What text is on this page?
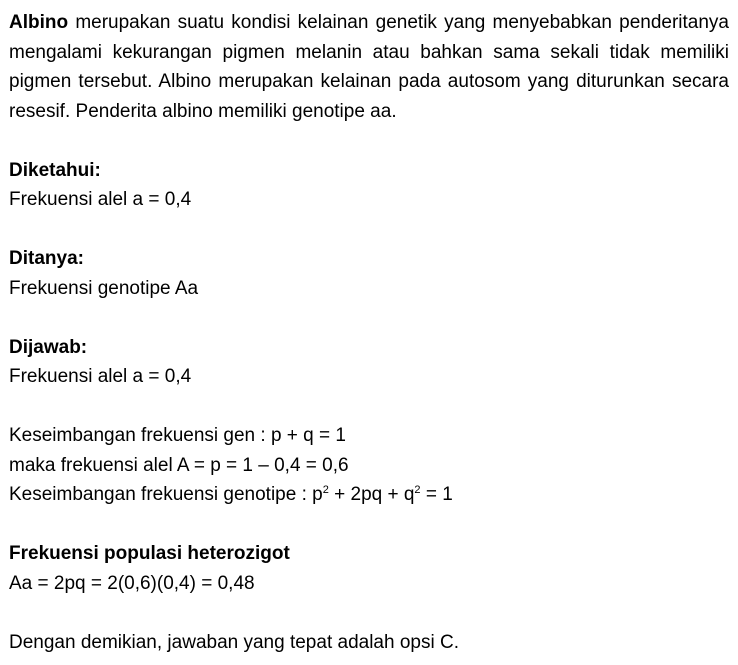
Albino merupakan suatu kondisi kelainan genetik yang menyebabkan penderitanya mengalami kekurangan pigmen melanin atau bahkan sama sekali tidak memiliki pigmen tersebut. Albino merupakan kelainan pada autosom yang diturunkan secara resesif. Penderita albino memiliki genotipe aa.

Diketahui:

Frekuensi alel a = 0,4

Ditanya:

Frekuensi genotipe Aa

Dijawab:

Frekuensi alel a = 0,4

Keseimbangan frekuensi gen : p + q = 1

maka frekuensi alel A = p = 1 – 0,4 = 0,6

Keseimbangan frekuensi genotipe : $p^2 + 2pq + q^2 = 1$

Frekuensi populasi heterozigot

Aa = 2pq = 2(0,6)(0,4) = 0,48

Dengan demikian, jawaban yang tepat adalah opsi C.
